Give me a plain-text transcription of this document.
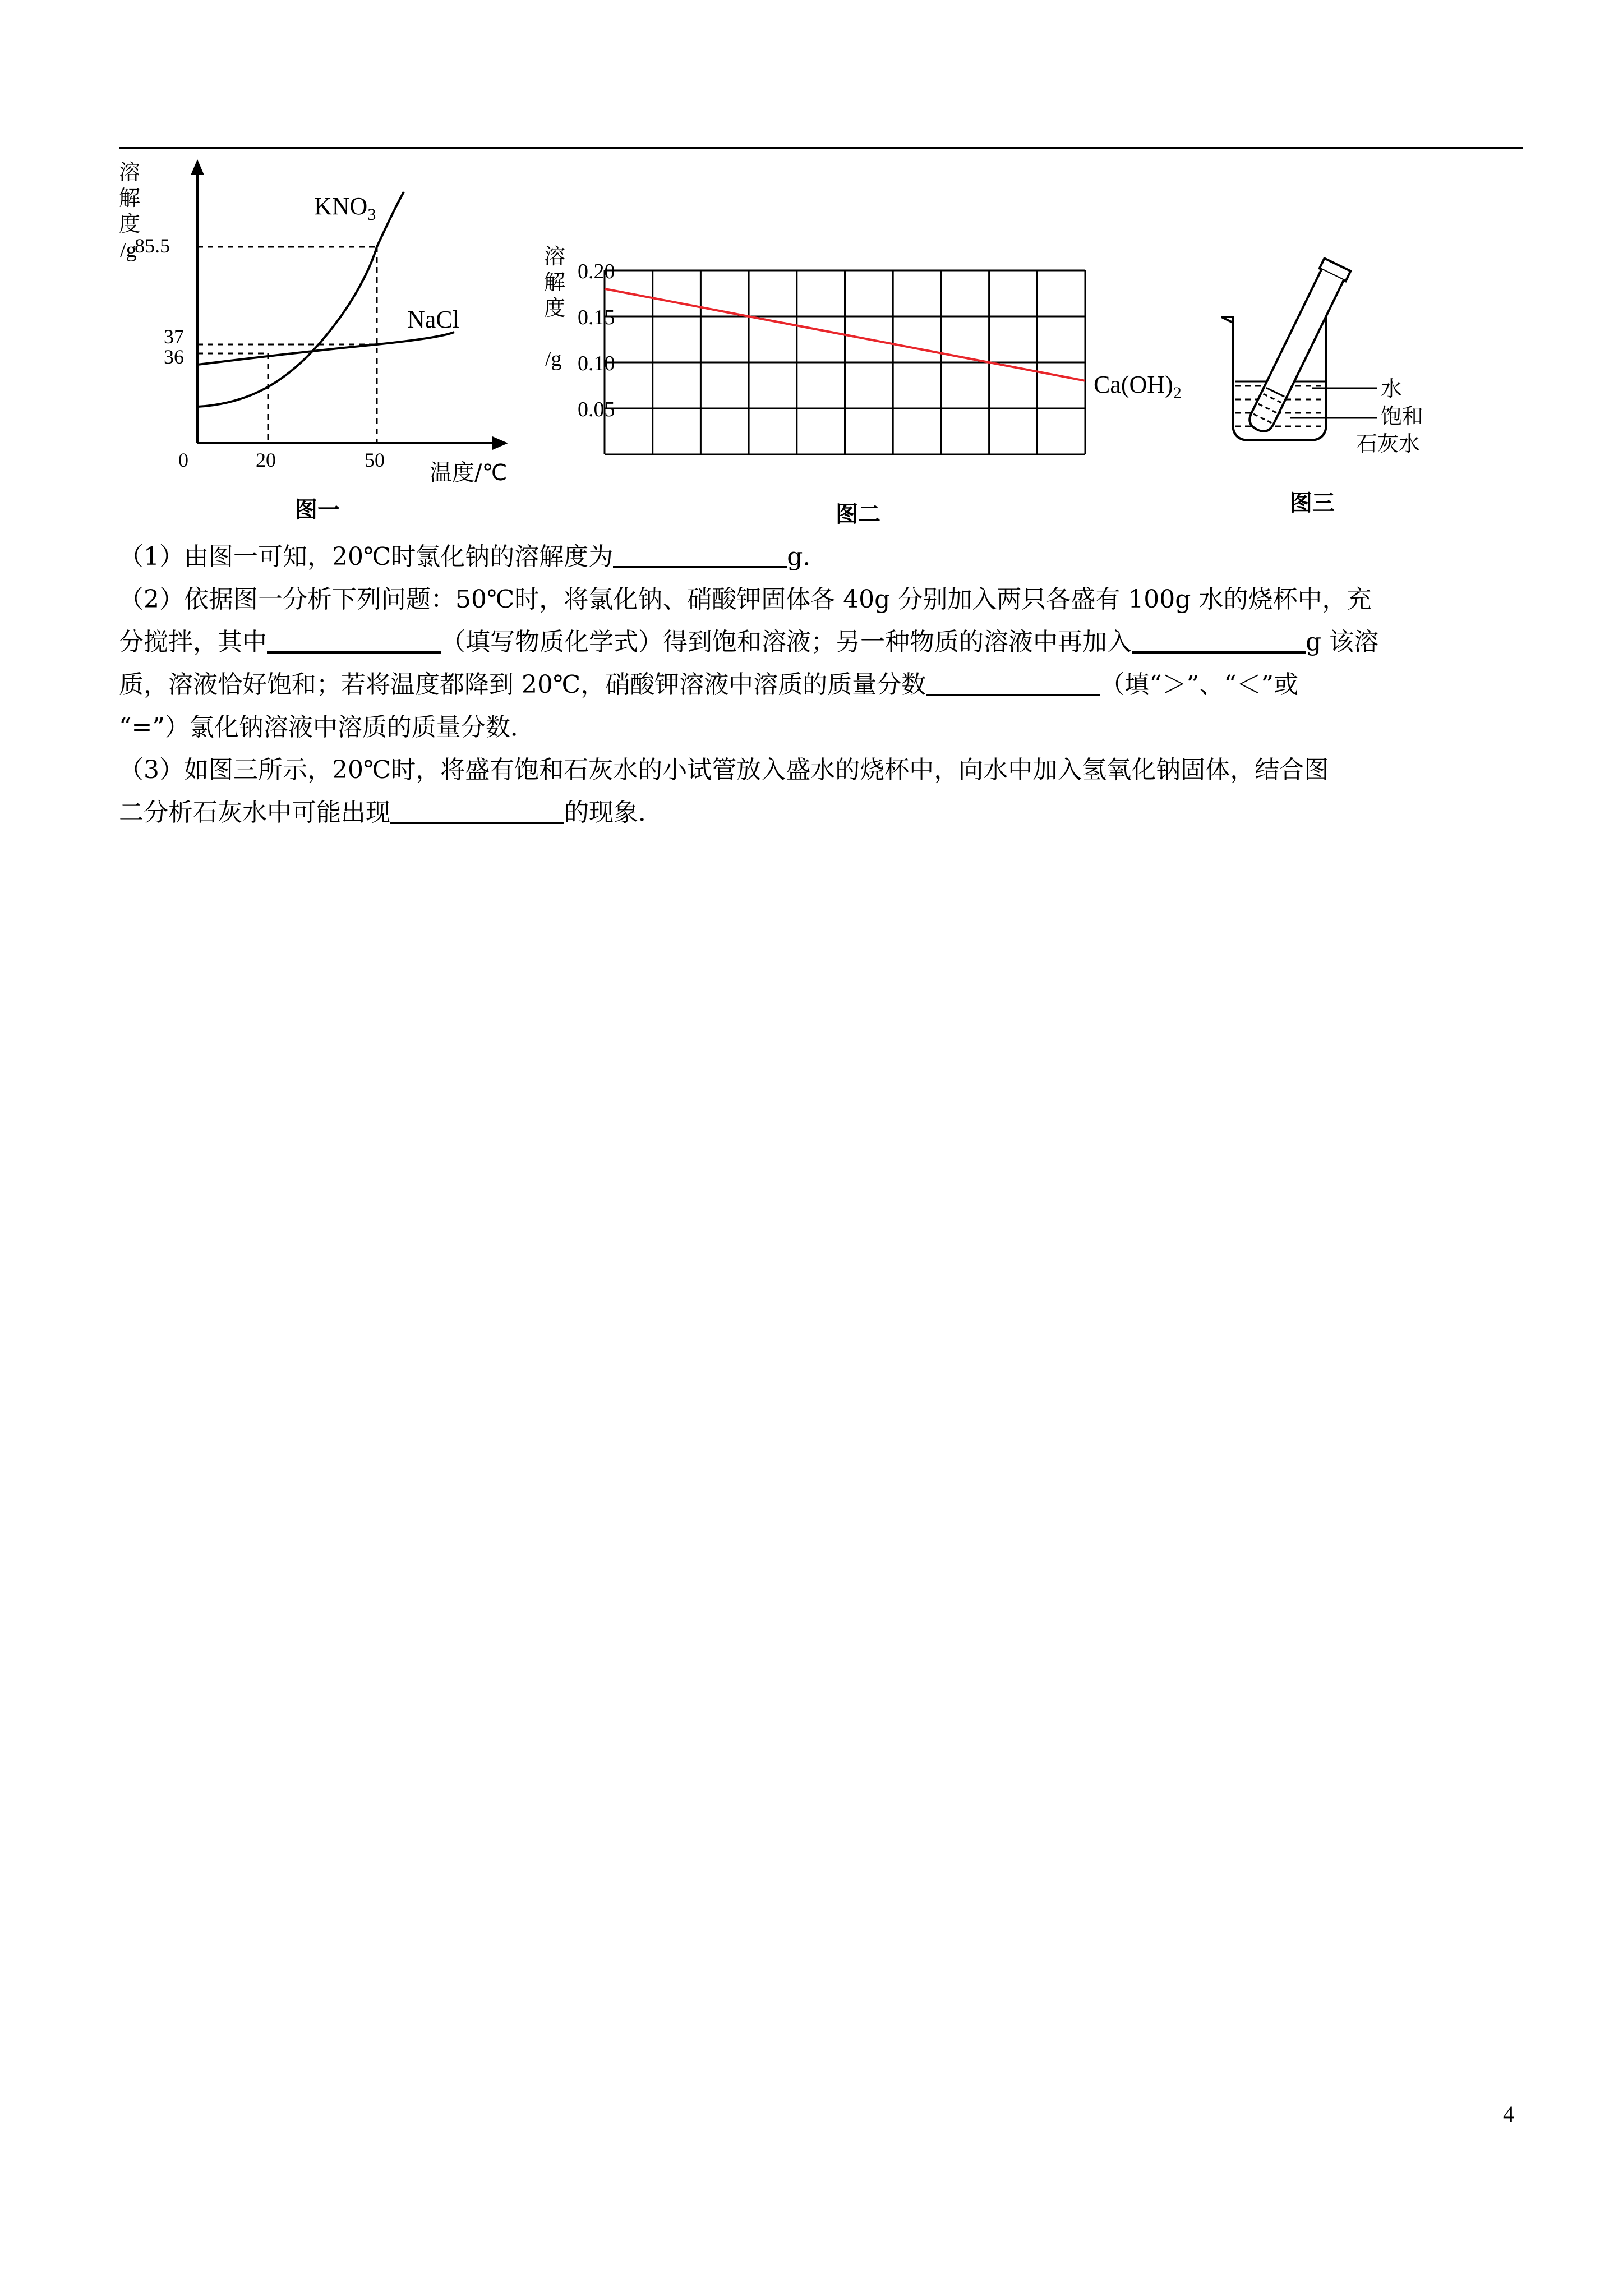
溶
解
度
/g
85.5
37
36
0	20	50 温度/℃
$KNO_3$
NaCl
图一
溶
解
度
/g
0.20
0.15
0.10
0.05
$Ca(OH)_2$
图二
水
饱和
石灰水
图三

（1）由图一可知，20℃时氯化钠的溶解度为	g．

（2）依据图一分析下列问题：50℃时，将氯化钠、硝酸钾固体各 40g 分别加入两只各盛有 100g 水的烧杯中，充

分搅拌，其中	（填写物质化学式）得到饱和溶液；另一种物质的溶液中再加入	g 该溶

质，溶液恰好饱和；若将温度都降到 20℃，硝酸钾溶液中溶质的质量分数	（填“＞”、“＜”或

“=”）氯化钠溶液中溶质的质量分数．

（3）如图三所示，20℃时，将盛有饱和石灰水的小试管放入盛水的烧杯中，向水中加入氢氧化钠固体，结合图

二分析石灰水中可能出现	的现象．

4
